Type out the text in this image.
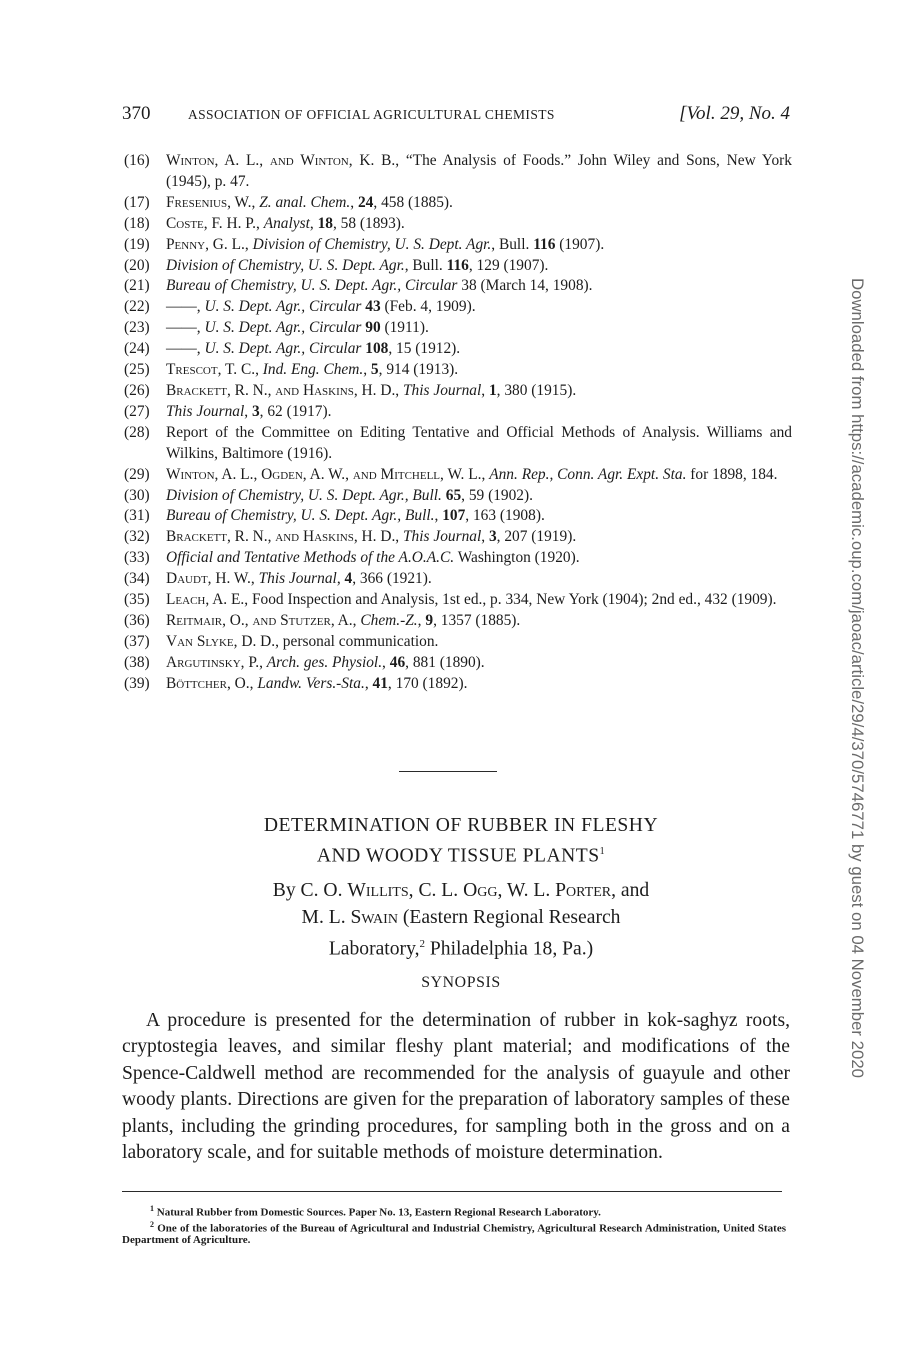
370	ASSOCIATION OF OFFICIAL AGRICULTURAL CHEMISTS	[Vol. 29, No. 4
(16) Winton, A. L., and Winton, K. B., “The Analysis of Foods.” John Wiley and Sons, New York (1945), p. 47.
(17) Fresenius, W., Z. anal. Chem., 24, 458 (1885).
(18) Coste, F. H. P., Analyst, 18, 58 (1893).
(19) Penny, G. L., Division of Chemistry, U. S. Dept. Agr., Bull. 116 (1907).
(20) Division of Chemistry, U. S. Dept. Agr., Bull. 116, 129 (1907).
(21) Bureau of Chemistry, U. S. Dept. Agr., Circular 38 (March 14, 1908).
(22) ——, U. S. Dept. Agr., Circular 43 (Feb. 4, 1909).
(23) ——, U. S. Dept. Agr., Circular 90 (1911).
(24) ——, U. S. Dept. Agr., Circular 108, 15 (1912).
(25) Trescot, T. C., Ind. Eng. Chem., 5, 914 (1913).
(26) Brackett, R. N., and Haskins, H. D., This Journal, 1, 380 (1915).
(27) This Journal, 3, 62 (1917).
(28) Report of the Committee on Editing Tentative and Official Methods of Analysis. Williams and Wilkins, Baltimore (1916).
(29) Winton, A. L., Ogden, A. W., and Mitchell, W. L., Ann. Rep., Conn. Agr. Expt. Sta. for 1898, 184.
(30) Division of Chemistry, U. S. Dept. Agr., Bull. 65, 59 (1902).
(31) Bureau of Chemistry, U. S. Dept. Agr., Bull., 107, 163 (1908).
(32) Brackett, R. N., and Haskins, H. D., This Journal, 3, 207 (1919).
(33) Official and Tentative Methods of the A.O.A.C. Washington (1920).
(34) Daudt, H. W., This Journal, 4, 366 (1921).
(35) Leach, A. E., Food Inspection and Analysis, 1st ed., p. 334, New York (1904); 2nd ed., 432 (1909).
(36) Reitmair, O., and Stutzer, A., Chem.-Z., 9, 1357 (1885).
(37) Van Slyke, D. D., personal communication.
(38) Argutinsky, P., Arch. ges. Physiol., 46, 881 (1890).
(39) Böttcher, O., Landw. Vers.-Sta., 41, 170 (1892).
DETERMINATION OF RUBBER IN FLESHY
AND WOODY TISSUE PLANTS$^1$
By C. O. Willits, C. L. Ogg, W. L. Porter, and
M. L. Swain (Eastern Regional Research
Laboratory,$^2$ Philadelphia 18, Pa.)
SYNOPSIS

A procedure is presented for the determination of rubber in kok-saghyz roots, cryptostegia leaves, and similar fleshy plant material; and modifications of the Spence-Caldwell method are recommended for the analysis of guayule and other woody plants. Directions are given for the preparation of laboratory samples of these plants, including the grinding procedures, for sampling both in the gross and on a laboratory scale, and for suitable methods of moisture determination.

$^1$ Natural Rubber from Domestic Sources. Paper No. 13, Eastern Regional Research Laboratory.
$^2$ One of the laboratories of the Bureau of Agricultural and Industrial Chemistry, Agricultural Research Administration, United States Department of Agriculture.
Downloaded from https://academic.oup.com/jaoac/article/29/4/370/5746771 by guest on 04 November 2020
